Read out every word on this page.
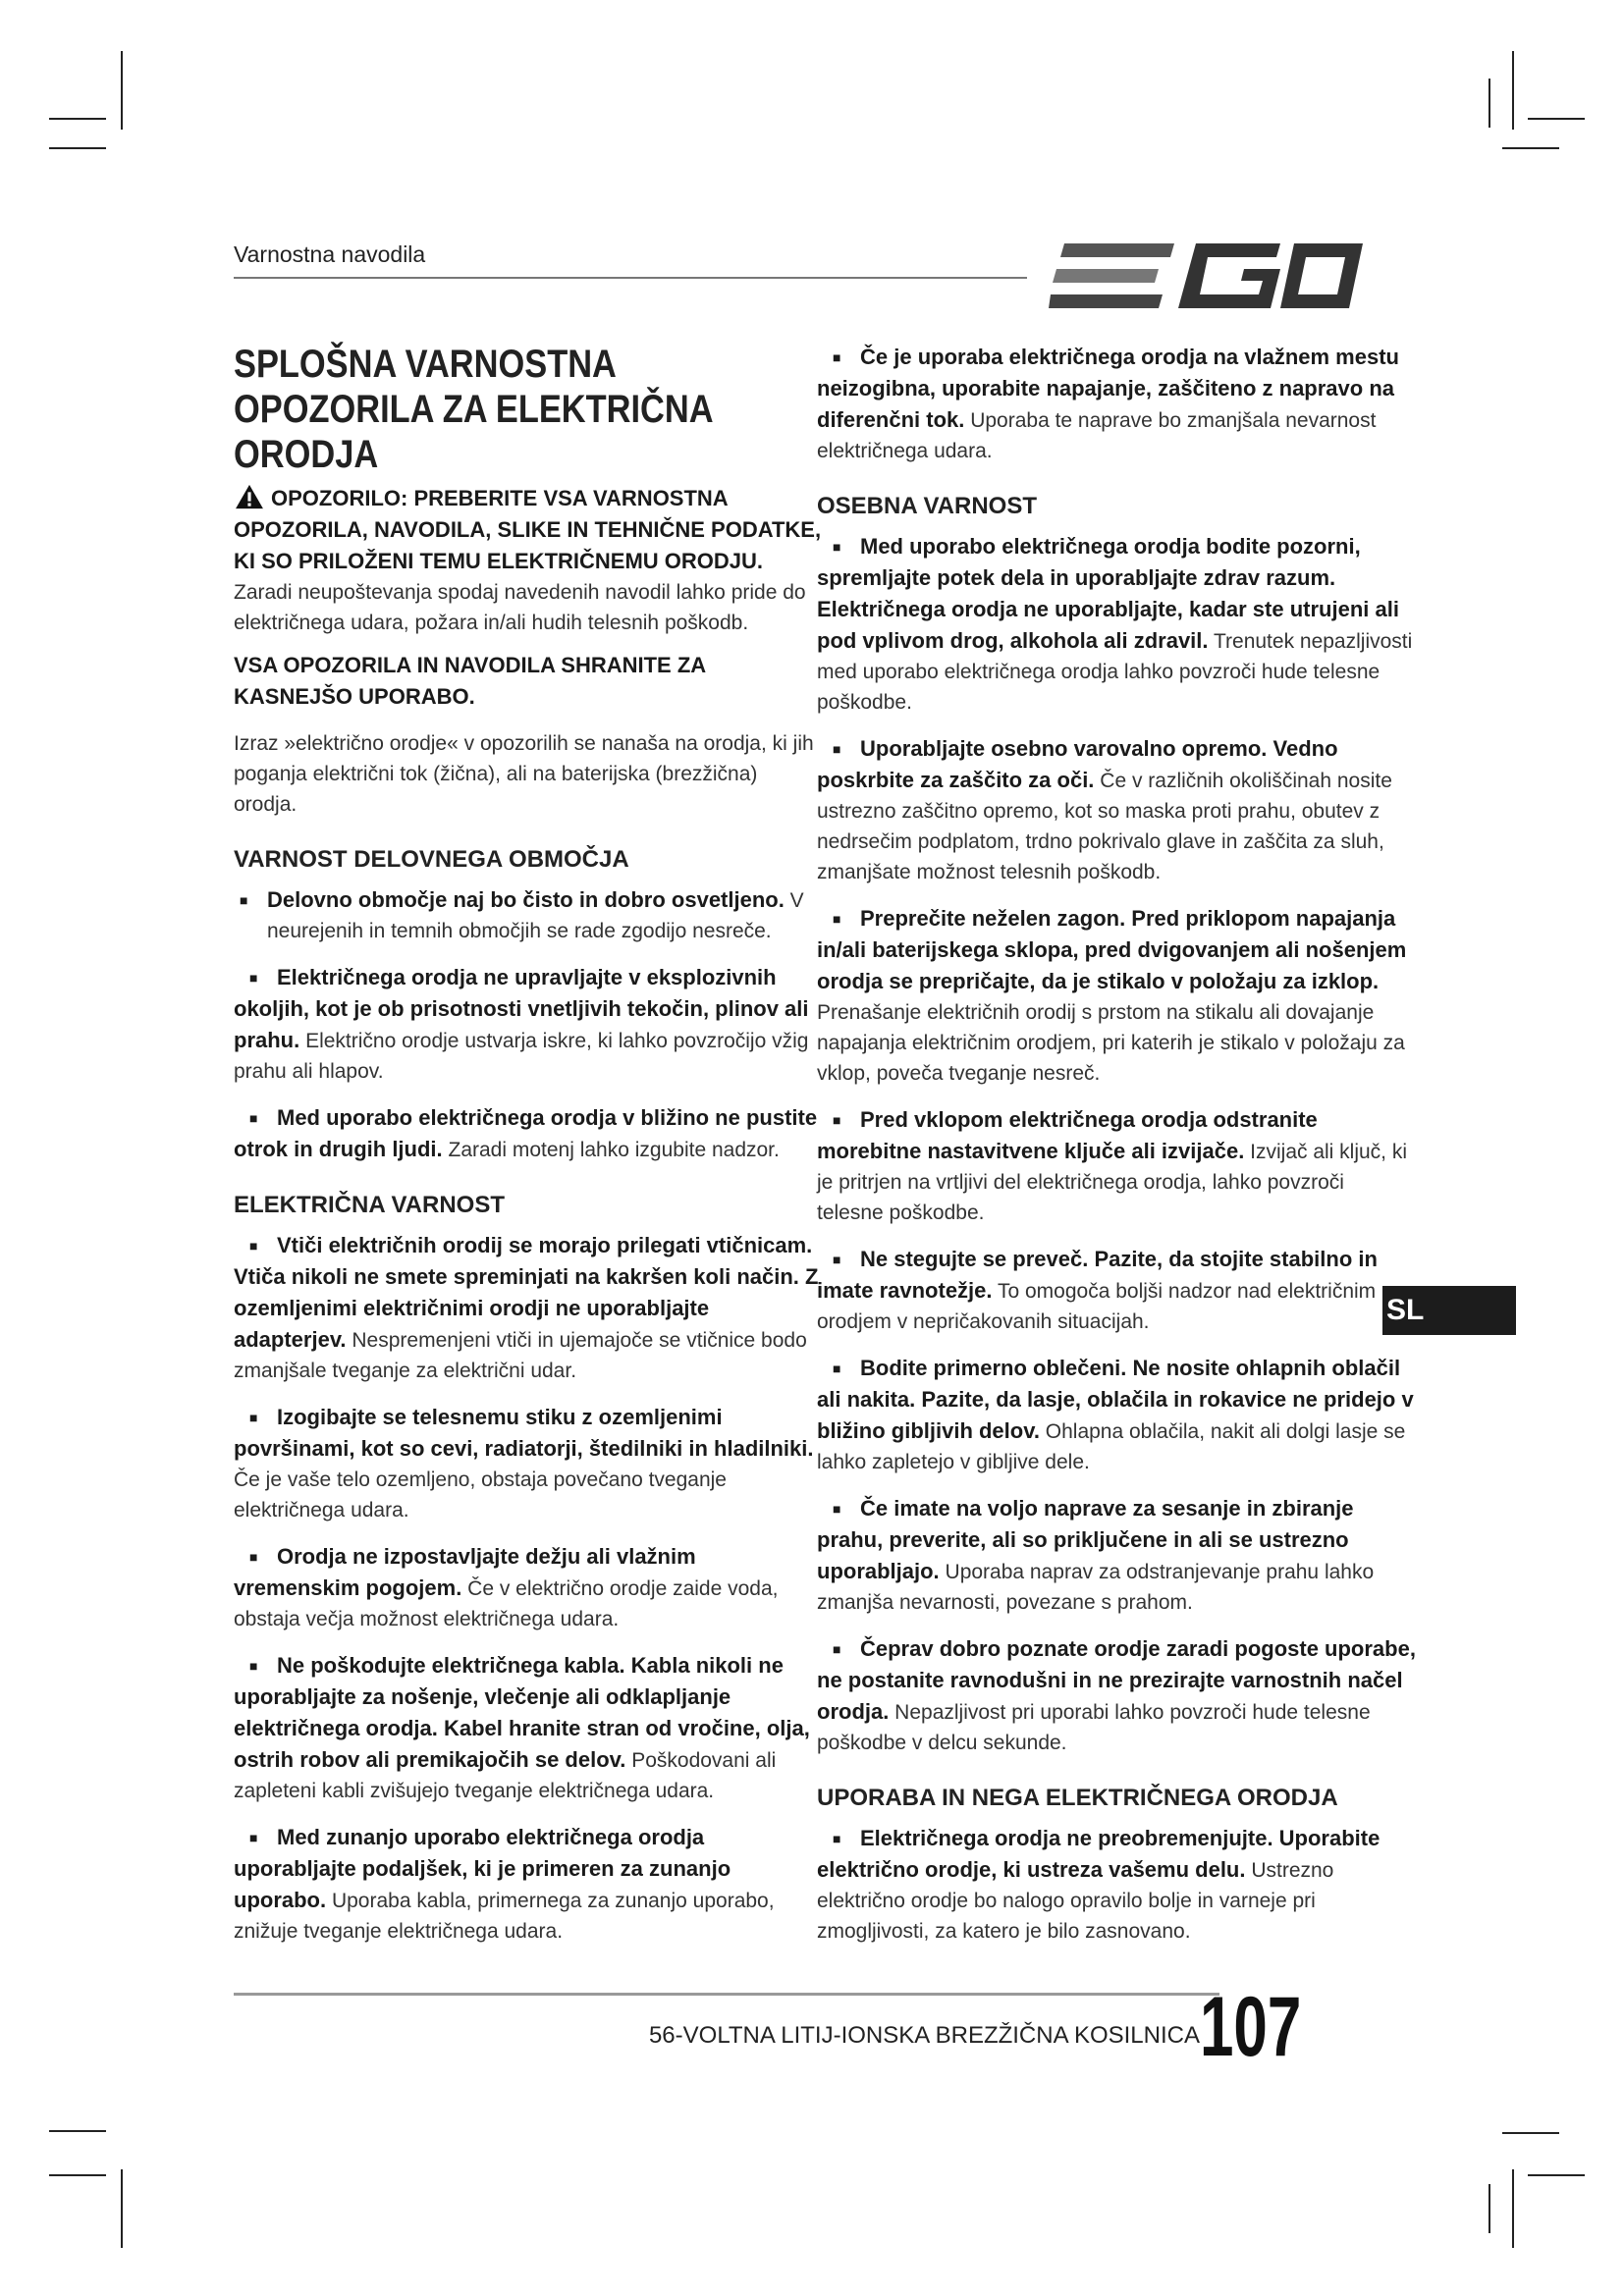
Varnostna navodila
SPLOŠNA VARNOSTNA OPOZORILA ZA ELEKTRIČNA ORODJA

OPOZORILO: PREBERITE VSA VARNOSTNA OPOZORILA, NAVODILA, SLIKE IN TEHNIČNE PODATKE, KI SO PRILOŽENI TEMU ELEKTRIČNEMU ORODJU. Zaradi neupoštevanja spodaj navedenih navodil lahko pride do električnega udara, požara in/ali hudih telesnih poškodb.

VSA OPOZORILA IN NAVODILA SHRANITE ZA KASNEJŠO UPORABO.

Izraz »električno orodje« v opozorilih se nanaša na orodja, ki jih poganja električni tok (žična), ali na baterijska (brezžična) orodja.

VARNOST DELOVNEGA OBMOČJA

■ Delovno območje naj bo čisto in dobro osvetljeno. V neurejenih in temnih območjih se rade zgodijo nesreče.

■ Električnega orodja ne upravljajte v eksplozivnih okoljih, kot je ob prisotnosti vnetljivih tekočin, plinov ali prahu. Električno orodje ustvarja iskre, ki lahko povzročijo vžig prahu ali hlapov.

■ Med uporabo električnega orodja v bližino ne pustite otrok in drugih ljudi. Zaradi motenj lahko izgubite nadzor.

ELEKTRIČNA VARNOST

■ Vtiči električnih orodij se morajo prilegati vtičnicam. Vtiča nikoli ne smete spreminjati na kakršen koli način. Z ozemljenimi električnimi orodji ne uporabljajte adapterjev. Nespremenjeni vtiči in ujemajoče se vtičnice bodo zmanjšale tveganje za električni udar.

■ Izogibajte se telesnemu stiku z ozemljenimi površinami, kot so cevi, radiatorji, štedilniki in hladilniki. Če je vaše telo ozemljeno, obstaja povečano tveganje električnega udara.

■ Orodja ne izpostavljajte dežju ali vlažnim vremenskim pogojem. Če v električno orodje zaide voda, obstaja večja možnost električnega udara.

■ Ne poškodujte električnega kabla. Kabla nikoli ne uporabljajte za nošenje, vlečenje ali odklapljanje električnega orodja. Kabel hranite stran od vročine, olja, ostrih robov ali premikajočih se delov. Poškodovani ali zapleteni kabli zvišujejo tveganje električnega udara.

■ Med zunanjo uporabo električnega orodja uporabljajte podaljšek, ki je primeren za zunanjo uporabo. Uporaba kabla, primernega za zunanjo uporabo, znižuje tveganje električnega udara.

■ Če je uporaba električnega orodja na vlažnem mestu neizogibna, uporabite napajanje, zaščiteno z napravo na diferenčni tok. Uporaba te naprave bo zmanjšala nevarnost električnega udara.

OSEBNA VARNOST

■ Med uporabo električnega orodja bodite pozorni, spremljajte potek dela in uporabljajte zdrav razum. Električnega orodja ne uporabljajte, kadar ste utrujeni ali pod vplivom drog, alkohola ali zdravil. Trenutek nepazljivosti med uporabo električnega orodja lahko povzroči hude telesne poškodbe.

■ Uporabljajte osebno varovalno opremo. Vedno poskrbite za zaščito za oči. Če v različnih okoliščinah nosite ustrezno zaščitno opremo, kot so maska proti prahu, obutev z nedrsečim podplatom, trdno pokrivalo glave in zaščita za sluh, zmanjšate možnost telesnih poškodb.

■ Preprečite neželen zagon. Pred priklopom napajanja in/ali baterijskega sklopa, pred dvigovanjem ali nošenjem orodja se prepričajte, da je stikalo v položaju za izklop. Prenašanje električnih orodij s prstom na stikalu ali dovajanje napajanja električnim orodjem, pri katerih je stikalo v položaju za vklop, poveča tveganje nesreč.

■ Pred vklopom električnega orodja odstranite morebitne nastavitvene ključe ali izvijače. Izvijač ali ključ, ki je pritrjen na vrtljivi del električnega orodja, lahko povzroči telesne poškodbe.

■ Ne stegujte se preveč. Pazite, da stojite stabilno in imate ravnotežje. To omogoča boljši nadzor nad električnim orodjem v nepričakovanih situacijah.

■ Bodite primerno oblečeni. Ne nosite ohlapnih oblačil ali nakita. Pazite, da lasje, oblačila in rokavice ne pridejo v bližino gibljivih delov. Ohlapna oblačila, nakit ali dolgi lasje se lahko zapletejo v gibljive dele.

■ Če imate na voljo naprave za sesanje in zbiranje prahu, preverite, ali so priključene in ali se ustrezno uporabljajo. Uporaba naprav za odstranjevanje prahu lahko zmanjša nevarnosti, povezane s prahom.

■ Čeprav dobro poznate orodje zaradi pogoste uporabe, ne postanite ravnodušni in ne prezirajte varnostnih načel orodja. Nepazljivost pri uporabi lahko povzroči hude telesne poškodbe v delcu sekunde.

UPORABA IN NEGA ELEKTRIČNEGA ORODJA

■ Električnega orodja ne preobremenjujte. Uporabite električno orodje, ki ustreza vašemu delu. Ustrezno električno orodje bo nalogo opravilo bolje in varneje pri zmogljivosti, za katero je bilo zasnovano.

SL
56-VOLTNA LITIJ-IONSKA BREZŽIČNA KOSILNICA 107
